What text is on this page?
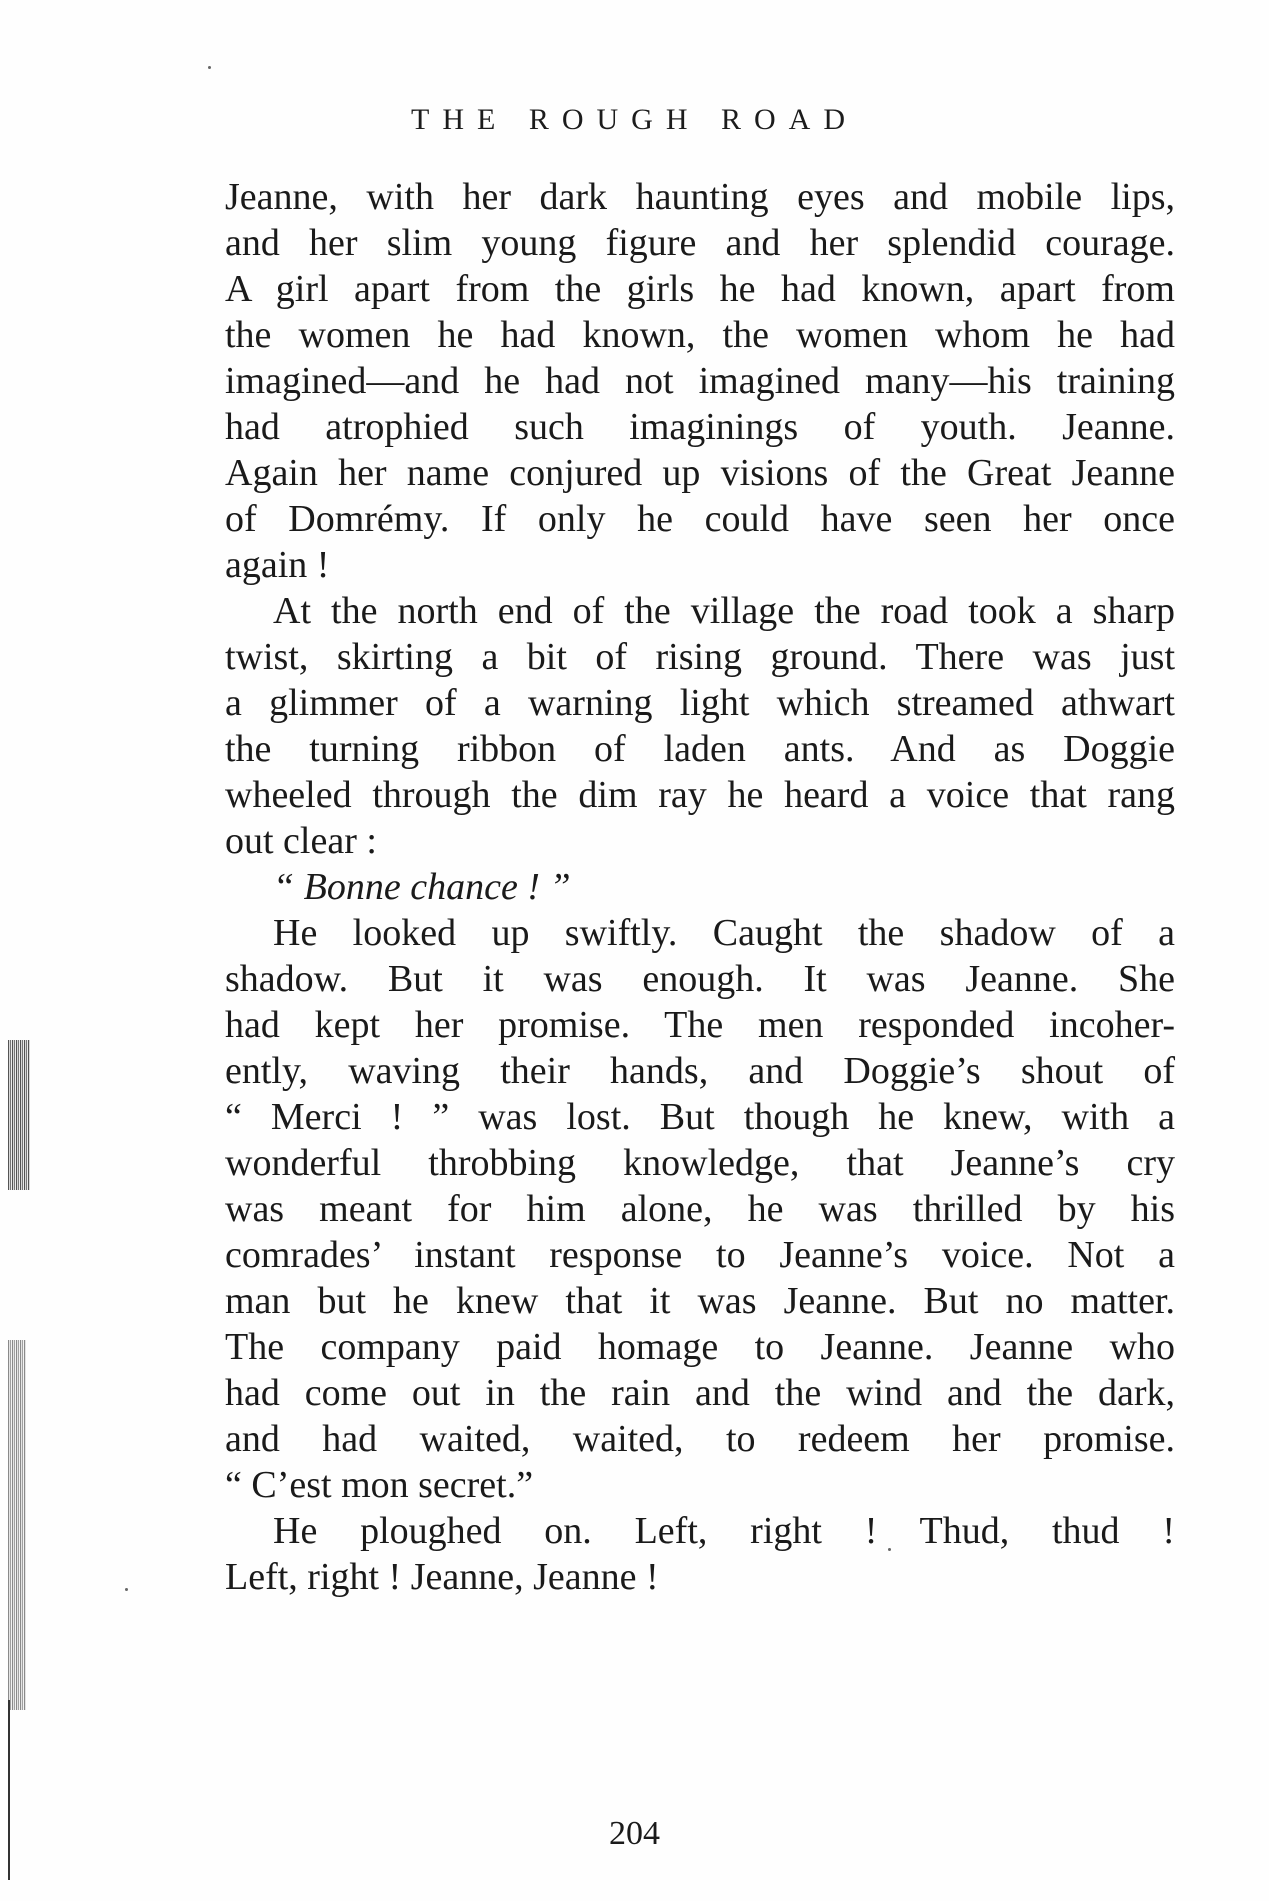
THE ROUGH ROAD

Jeanne, with her dark haunting eyes and mobile lips,
and her slim young figure and her splendid courage.
A girl apart from the girls he had known, apart from
the women he had known, the women whom he had
imagined—and he had not imagined many—his training
had atrophied such imaginings of youth. Jeanne.
Again her name conjured up visions of the Great Jeanne
of Domrémy. If only he could have seen her once
again !

At the north end of the village the road took a sharp
twist, skirting a bit of rising ground. There was just
a glimmer of a warning light which streamed athwart
the turning ribbon of laden ants. And as Doggie
wheeled through the dim ray he heard a voice that rang
out clear :

“ Bonne chance ! ”

He looked up swiftly. Caught the shadow of a
shadow. But it was enough. It was Jeanne. She
had kept her promise. The men responded incoher-
ently, waving their hands, and Doggie’s shout of
“ Merci ! ” was lost. But though he knew, with a
wonderful throbbing knowledge, that Jeanne’s cry
was meant for him alone, he was thrilled by his
comrades’ instant response to Jeanne’s voice. Not a
man but he knew that it was Jeanne. But no matter.
The company paid homage to Jeanne. Jeanne who
had come out in the rain and the wind and the dark,
and had waited, waited, to redeem her promise.
“ C’est mon secret.”

He ploughed on. Left, right ! Thud, thud !
Left, right ! Jeanne, Jeanne !

204
